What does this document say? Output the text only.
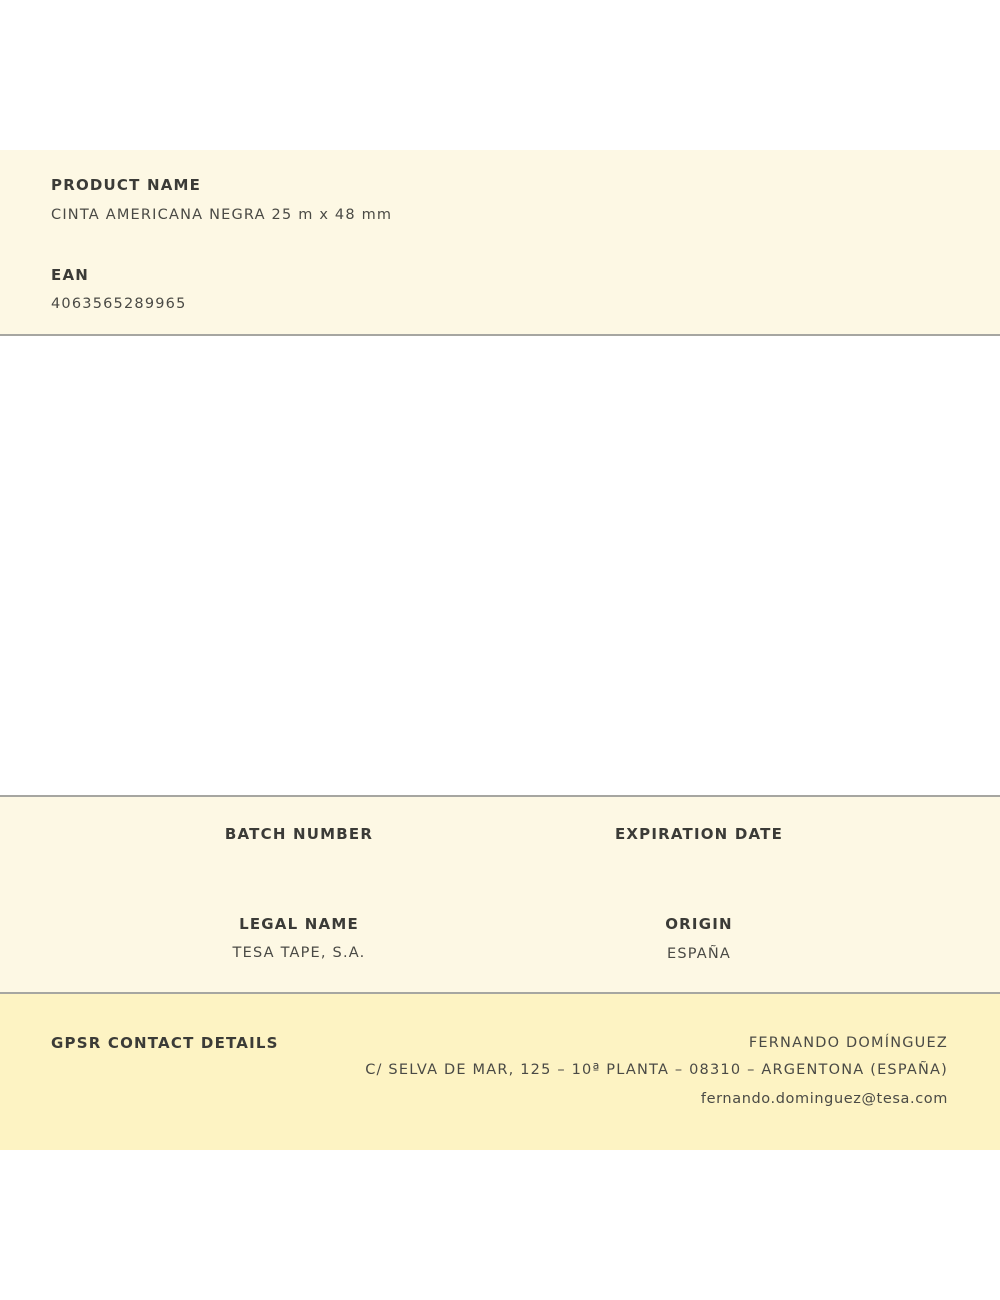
PRODUCT NAME
CINTA AMERICANA NEGRA 25 m x 48 mm
EAN
4063565289965
BATCH NUMBER	EXPIRATION DATE
LEGAL NAME
TESA TAPE, S.A.
ORIGIN
ESPAÑA
GPSR CONTACT DETAILS	FERNANDO DOMÍNGUEZ
C/ SELVA DE MAR, 125 – 10ª PLANTA – 08310 – ARGENTONA (ESPAÑA)
fernando.dominguez@tesa.com
